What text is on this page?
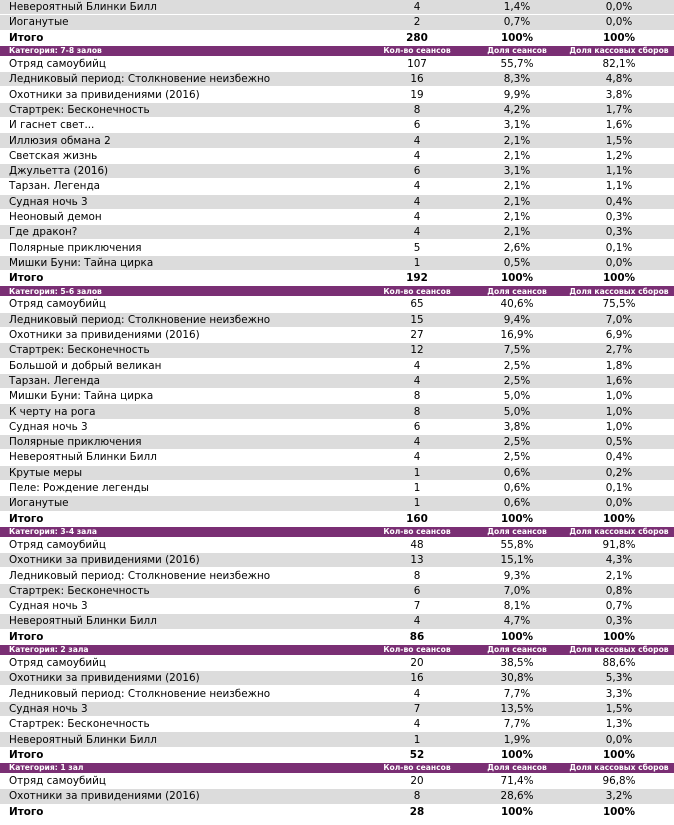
Невероятный Блинки Билл	4	1,4%	0,0%
Йоганутые	2	0,7%	0,0%
Итого	280	100%	100%
Категория: 7-8 залов	Кол-во сеансов	Доля сеансов	Доля кассовых сборов
Отряд самоубийц	107	55,7%	82,1%
Ледниковый период: Столкновение неизбежно	16	8,3%	4,8%
Охотники за привидениями (2016)	19	9,9%	3,8%
Стартрек: Бесконечность	8	4,2%	1,7%
И гаснет свет...	6	3,1%	1,6%
Иллюзия обмана 2	4	2,1%	1,5%
Светская жизнь	4	2,1%	1,2%
Джульетта (2016)	6	3,1%	1,1%
Тарзан. Легенда	4	2,1%	1,1%
Судная ночь 3	4	2,1%	0,4%
Неоновый демон	4	2,1%	0,3%
Где дракон?	4	2,1%	0,3%
Полярные приключения	5	2,6%	0,1%
Мишки Буни: Тайна цирка	1	0,5%	0,0%
Итого	192	100%	100%
Категория: 5-6 залов	Кол-во сеансов	Доля сеансов	Доля кассовых сборов
Отряд самоубийц	65	40,6%	75,5%
Ледниковый период: Столкновение неизбежно	15	9,4%	7,0%
Охотники за привидениями (2016)	27	16,9%	6,9%
Стартрек: Бесконечность	12	7,5%	2,7%
Большой и добрый великан	4	2,5%	1,8%
Тарзан. Легенда	4	2,5%	1,6%
Мишки Буни: Тайна цирка	8	5,0%	1,0%
К черту на рога	8	5,0%	1,0%
Судная ночь 3	6	3,8%	1,0%
Полярные приключения	4	2,5%	0,5%
Невероятный Блинки Билл	4	2,5%	0,4%
Крутые меры	1	0,6%	0,2%
Пеле: Рождение легенды	1	0,6%	0,1%
Йоганутые	1	0,6%	0,0%
Итого	160	100%	100%
Категория: 3-4 зала	Кол-во сеансов	Доля сеансов	Доля кассовых сборов
Отряд самоубийц	48	55,8%	91,8%
Охотники за привидениями (2016)	13	15,1%	4,3%
Ледниковый период: Столкновение неизбежно	8	9,3%	2,1%
Стартрек: Бесконечность	6	7,0%	0,8%
Судная ночь 3	7	8,1%	0,7%
Невероятный Блинки Билл	4	4,7%	0,3%
Итого	86	100%	100%
Категория: 2 зала	Кол-во сеансов	Доля сеансов	Доля кассовых сборов
Отряд самоубийц	20	38,5%	88,6%
Охотники за привидениями (2016)	16	30,8%	5,3%
Ледниковый период: Столкновение неизбежно	4	7,7%	3,3%
Судная ночь 3	7	13,5%	1,5%
Стартрек: Бесконечность	4	7,7%	1,3%
Невероятный Блинки Билл	1	1,9%	0,0%
Итого	52	100%	100%
Категория: 1 зал	Кол-во сеансов	Доля сеансов	Доля кассовых сборов
Отряд самоубийц	20	71,4%	96,8%
Охотники за привидениями (2016)	8	28,6%	3,2%
Итого	28	100%	100%
